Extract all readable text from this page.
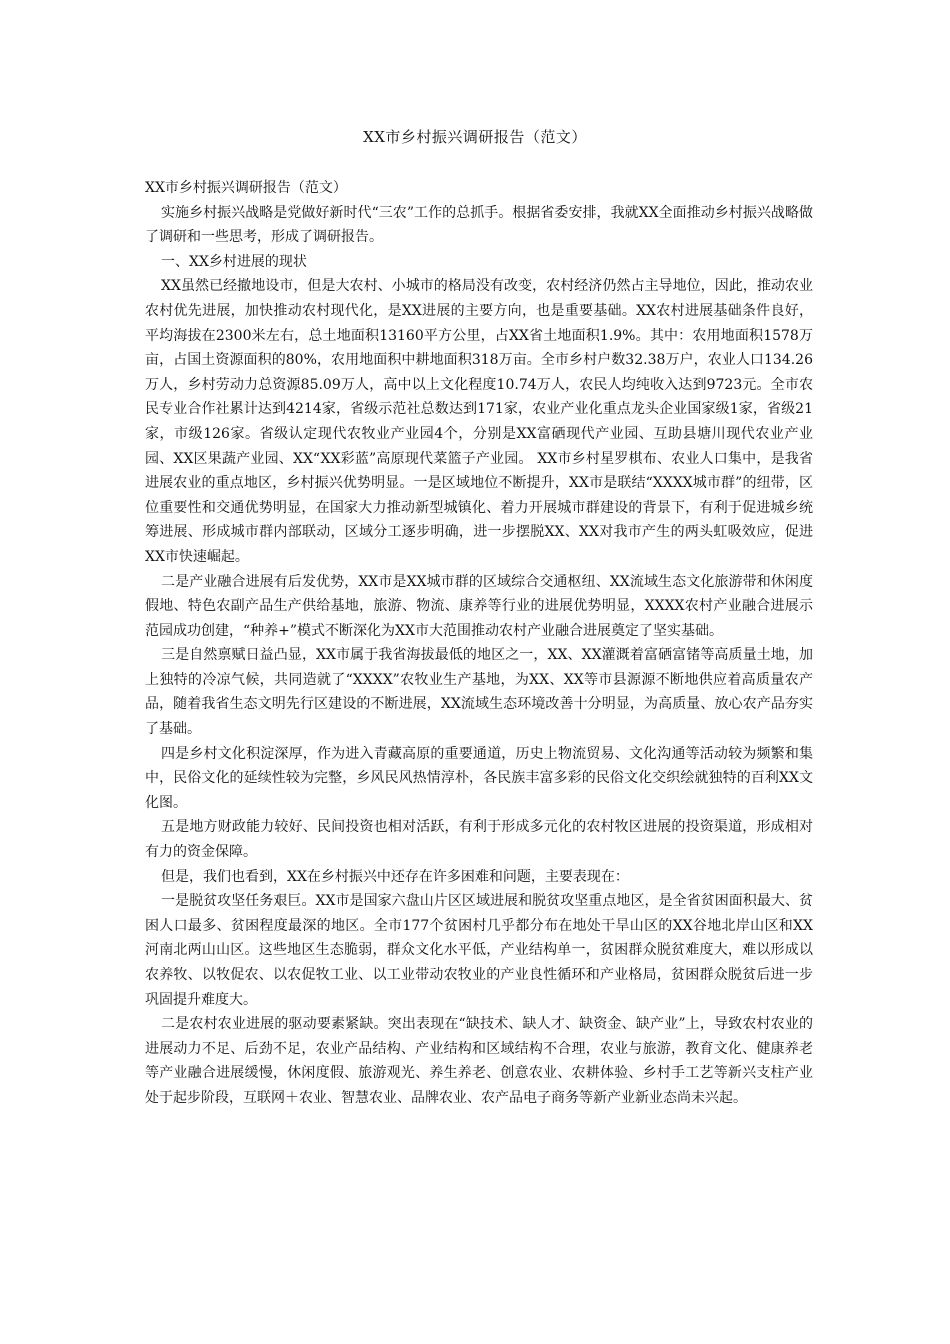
XX市乡村振兴调研报告（范文）

XX市乡村振兴调研报告（范文）

实施乡村振兴战略是党做好新时代“三农”工作的总抓手。根据省委安排，我就XX全面推动乡村振兴战略做了调研和一些思考，形成了调研报告。

一、XX乡村进展的现状

XX虽然已经撤地设市，但是大农村、小城市的格局没有改变，农村经济仍然占主导地位，因此，推动农业农村优先进展，加快推动农村现代化，是XX进展的主要方向，也是重要基础。XX农村进展基础条件良好，平均海拔在2300米左右，总土地面积13160平方公里，占XX省土地面积1.9%。其中：农用地面积1578万亩，占国土资源面积的80%，农用地面积中耕地面积318万亩。全市乡村户数32.38万户，农业人口134.26万人，乡村劳动力总资源85.09万人，高中以上文化程度10.74万人，农民人均纯收入达到9723元。全市农民专业合作社累计达到4214家，省级示范社总数达到171家，农业产业化重点龙头企业国家级1家，省级21家，市级126家。省级认定现代农牧业产业园4个，分别是XX富硒现代产业园、互助县塘川现代农业产业园、XX区果蔬产业园、XX“XX彩蓝”高原现代菜篮子产业园。 XX市乡村星罗棋布、农业人口集中，是我省进展农业的重点地区，乡村振兴优势明显。一是区域地位不断提升，XX市是联结“XXXX城市群”的纽带，区位重要性和交通优势明显，在国家大力推动新型城镇化、着力开展城市群建设的背景下，有利于促进城乡统筹进展、形成城市群内部联动，区域分工逐步明确，进一步摆脱XX、XX对我市产生的两头虹吸效应，促进XX市快速崛起。

二是产业融合进展有后发优势，XX市是XX城市群的区域综合交通枢纽、XX流域生态文化旅游带和休闲度假地、特色农副产品生产供给基地，旅游、物流、康养等行业的进展优势明显，XXXX农村产业融合进展示范园成功创建，“种养+”模式不断深化为XX市大范围推动农村产业融合进展奠定了坚实基础。

三是自然禀赋日益凸显，XX市属于我省海拔最低的地区之一，XX、XX灌溉着富硒富锗等高质量土地，加上独特的冷凉气候，共同造就了“XXXX”农牧业生产基地，为XX、XX等市县源源不断地供应着高质量农产品，随着我省生态文明先行区建设的不断进展，XX流域生态环境改善十分明显，为高质量、放心农产品夯实了基础。

四是乡村文化积淀深厚，作为进入青藏高原的重要通道，历史上物流贸易、文化沟通等活动较为频繁和集中，民俗文化的延续性较为完整，乡风民风热情淳朴，各民族丰富多彩的民俗文化交织绘就独特的百利XX文化图。

五是地方财政能力较好、民间投资也相对活跃，有利于形成多元化的农村牧区进展的投资渠道，形成相对有力的资金保障。

但是，我们也看到，XX在乡村振兴中还存在许多困难和问题，主要表现在：

一是脱贫攻坚任务艰巨。XX市是国家六盘山片区区域进展和脱贫攻坚重点地区，是全省贫困面积最大、贫困人口最多、贫困程度最深的地区。全市177个贫困村几乎都分布在地处干旱山区的XX谷地北岸山区和XX河南北两山山区。这些地区生态脆弱，群众文化水平低，产业结构单一，贫困群众脱贫难度大，难以形成以农养牧、以牧促农、以农促牧工业、以工业带动农牧业的产业良性循环和产业格局，贫困群众脱贫后进一步巩固提升难度大。

二是农村农业进展的驱动要素紧缺。突出表现在“缺技术、缺人才、缺资金、缺产业”上，导致农村农业的进展动力不足、后劲不足，农业产品结构、产业结构和区域结构不合理，农业与旅游，教育文化、健康养老等产业融合进展缓慢，休闲度假、旅游观光、养生养老、创意农业、农耕体验、乡村手工艺等新兴支柱产业处于起步阶段，互联网＋农业、智慧农业、品牌农业、农产品电子商务等新产业新业态尚未兴起。
